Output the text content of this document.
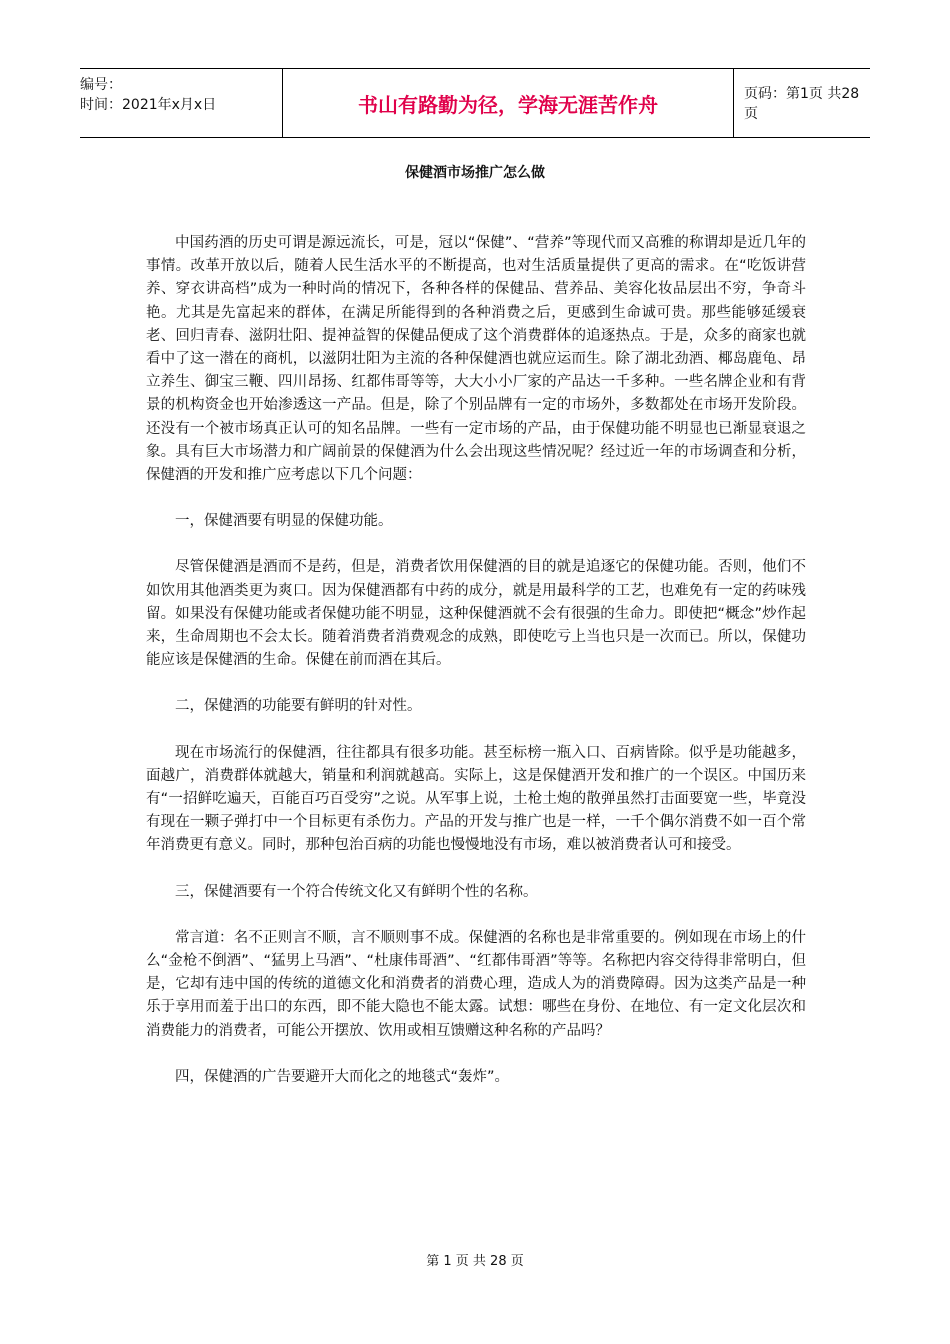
编号：
时间：2021年x月x日	书山有路勤为径，学海无涯苦作舟	页码：第1页 共28页
保健酒市场推广怎么做

中国药酒的历史可谓是源远流长，可是，冠以“保健”、“营养”等现代而又高雅的称谓却是近几年的事情。改革开放以后，随着人民生活水平的不断提高，也对生活质量提供了更高的需求。在“吃饭讲营养、穿衣讲高档”成为一种时尚的情况下，各种各样的保健品、营养品、美容化妆品层出不穷，争奇斗艳。尤其是先富起来的群体，在满足所能得到的各种消费之后，更感到生命诚可贵。那些能够延缓衰老、回归青春、滋阴壮阳、提神益智的保健品便成了这个消费群体的追逐热点。于是，众多的商家也就看中了这一潜在的商机，以滋阴壮阳为主流的各种保健酒也就应运而生。除了湖北劲酒、椰岛鹿龟、昂立养生、御宝三鞭、四川昂扬、红都伟哥等等，大大小小厂家的产品达一千多种。一些名牌企业和有背景的机构资金也开始渗透这一产品。但是，除了个别品牌有一定的市场外，多数都处在市场开发阶段。还没有一个被市场真正认可的知名品牌。一些有一定市场的产品，由于保健功能不明显也已渐显衰退之象。具有巨大市场潜力和广阔前景的保健酒为什么会出现这些情况呢？经过近一年的市场调查和分析，保健酒的开发和推广应考虑以下几个问题：

一，保健酒要有明显的保健功能。

尽管保健酒是酒而不是药，但是，消费者饮用保健酒的目的就是追逐它的保健功能。否则，他们不如饮用其他酒类更为爽口。因为保健酒都有中药的成分，就是用最科学的工艺，也难免有一定的药味残留。如果没有保健功能或者保健功能不明显，这种保健酒就不会有很强的生命力。即使把“概念”炒作起来，生命周期也不会太长。随着消费者消费观念的成熟，即使吃亏上当也只是一次而已。所以，保健功能应该是保健酒的生命。保健在前而酒在其后。

二，保健酒的功能要有鲜明的针对性。

现在市场流行的保健酒，往往都具有很多功能。甚至标榜一瓶入口、百病皆除。似乎是功能越多，面越广，消费群体就越大，销量和利润就越高。实际上，这是保健酒开发和推广的一个误区。中国历来有“一招鲜吃遍天，百能百巧百受穷”之说。从军事上说，土枪土炮的散弹虽然打击面要宽一些，毕竟没有现在一颗子弹打中一个目标更有杀伤力。产品的开发与推广也是一样，一千个偶尔消费不如一百个常年消费更有意义。同时，那种包治百病的功能也慢慢地没有市场，难以被消费者认可和接受。

三，保健酒要有一个符合传统文化又有鲜明个性的名称。

常言道：名不正则言不顺，言不顺则事不成。保健酒的名称也是非常重要的。例如现在市场上的什么“金枪不倒酒”、“猛男上马酒”、“杜康伟哥酒”、“红都伟哥酒”等等。名称把内容交待得非常明白，但是，它却有违中国的传统的道德文化和消费者的消费心理，造成人为的消费障碍。因为这类产品是一种乐于享用而羞于出口的东西，即不能大隐也不能太露。试想：哪些在身份、在地位、有一定文化层次和消费能力的消费者，可能公开摆放、饮用或相互馈赠这种名称的产品吗？

四，保健酒的广告要避开大而化之的地毯式“轰炸”。

第 1 页 共 28 页
